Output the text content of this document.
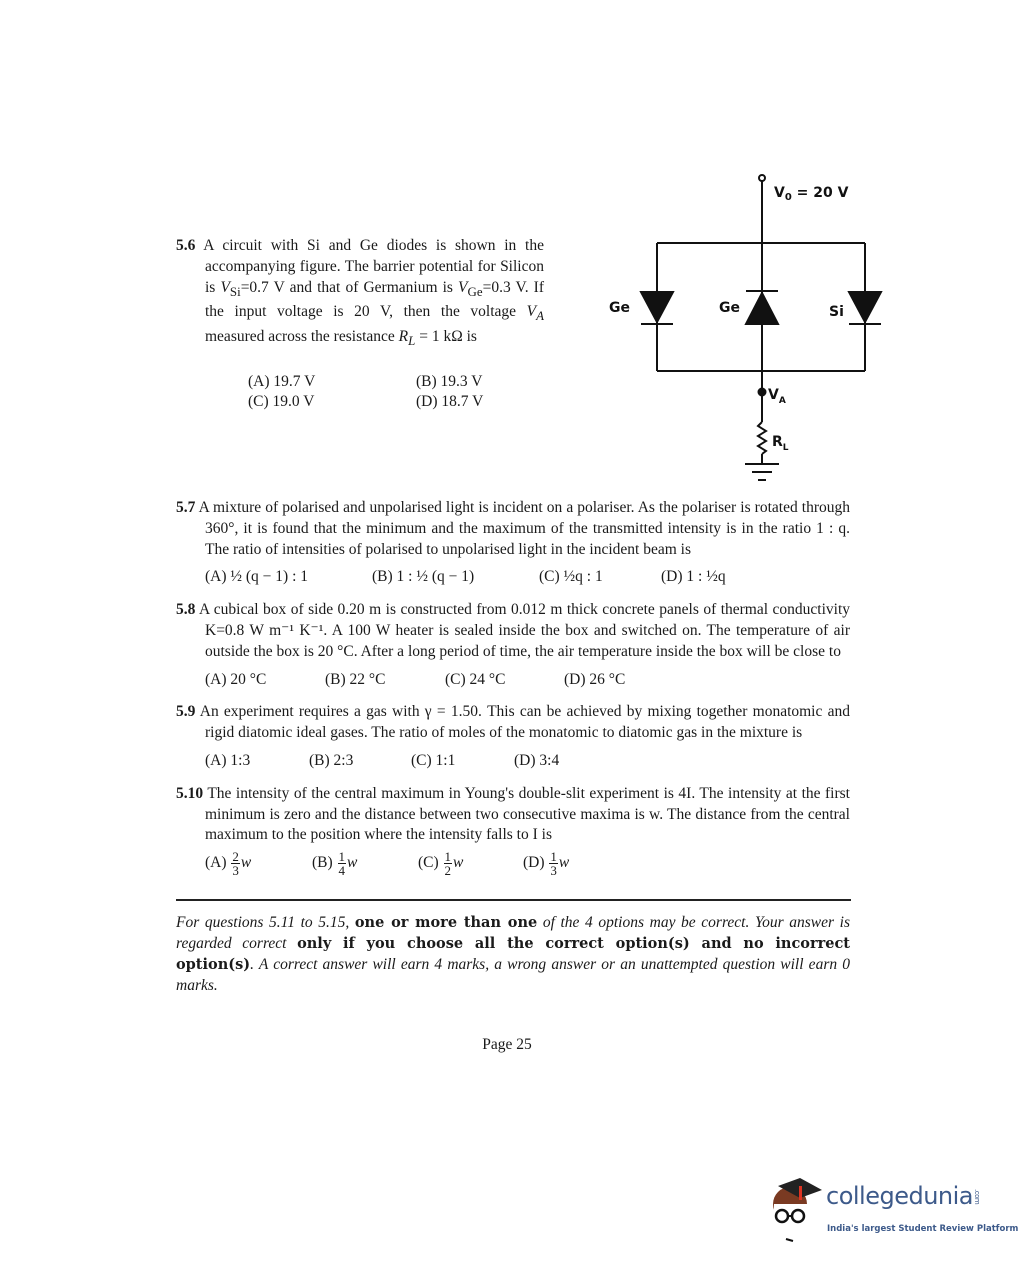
5.6 A circuit with Si and Ge diodes is shown in the accompanying figure. The barrier potential for Silicon is $V_{Si}=0.7$ V and that of Germanium is $V_{Ge}=0.3$ V. If the input voltage is 20 V, then the voltage $V_A$ measured across the resistance $R_L = 1$ kΩ is
(A) 19.7 V	(B) 19.3 V
(C) 19.0 V	(D) 18.7 V
$V_0 = 20$ V
Ge	Ge	Si
$V_A$
$R_L$
5.7 A mixture of polarised and unpolarised light is incident on a polariser. As the polariser is rotated through 360°, it is found that the minimum and the maximum of the transmitted intensity is in the ratio 1 : q. The ratio of intensities of polarised to unpolarised light in the incident beam is
(A) ½ (q − 1) : 1	(B) 1 : ½ (q − 1)	(C) ½q : 1	(D) 1 : ½q
5.8 A cubical box of side 0.20 m is constructed from 0.012 m thick concrete panels of thermal conductivity K=0.8 W m⁻¹ K⁻¹. A 100 W heater is sealed inside the box and switched on. The temperature of air outside the box is 20 °C. After a long period of time, the air temperature inside the box will be close to
(A) 20 °C	(B) 22 °C	(C) 24 °C	(D) 26 °C
5.9 An experiment requires a gas with γ = 1.50. This can be achieved by mixing together monatomic and rigid diatomic ideal gases. The ratio of moles of the monatomic to diatomic gas in the mixture is
(A) 1:3	(B) 2:3	(C) 1:1	(D) 3:4
5.10 The intensity of the central maximum in Young's double-slit experiment is 4I. The intensity at the first minimum is zero and the distance between two consecutive maxima is w. The distance from the central maximum to the position where the intensity falls to I is
$(A) \frac{2}{3}$ w	$(B) \frac{1}{4}$ w	$(C) \frac{1}{2}$ w	$(D) \frac{1}{3}$ w
For questions 5.11 to 5.15, one or more than one of the 4 options may be correct. Your answer is regarded correct only if you choose all the correct option(s) and no incorrect option(s). A correct answer will earn 4 marks, a wrong answer or an unattempted question will earn 0 marks.
Page 25
collegedunia.com
India's largest Student Review Platform
